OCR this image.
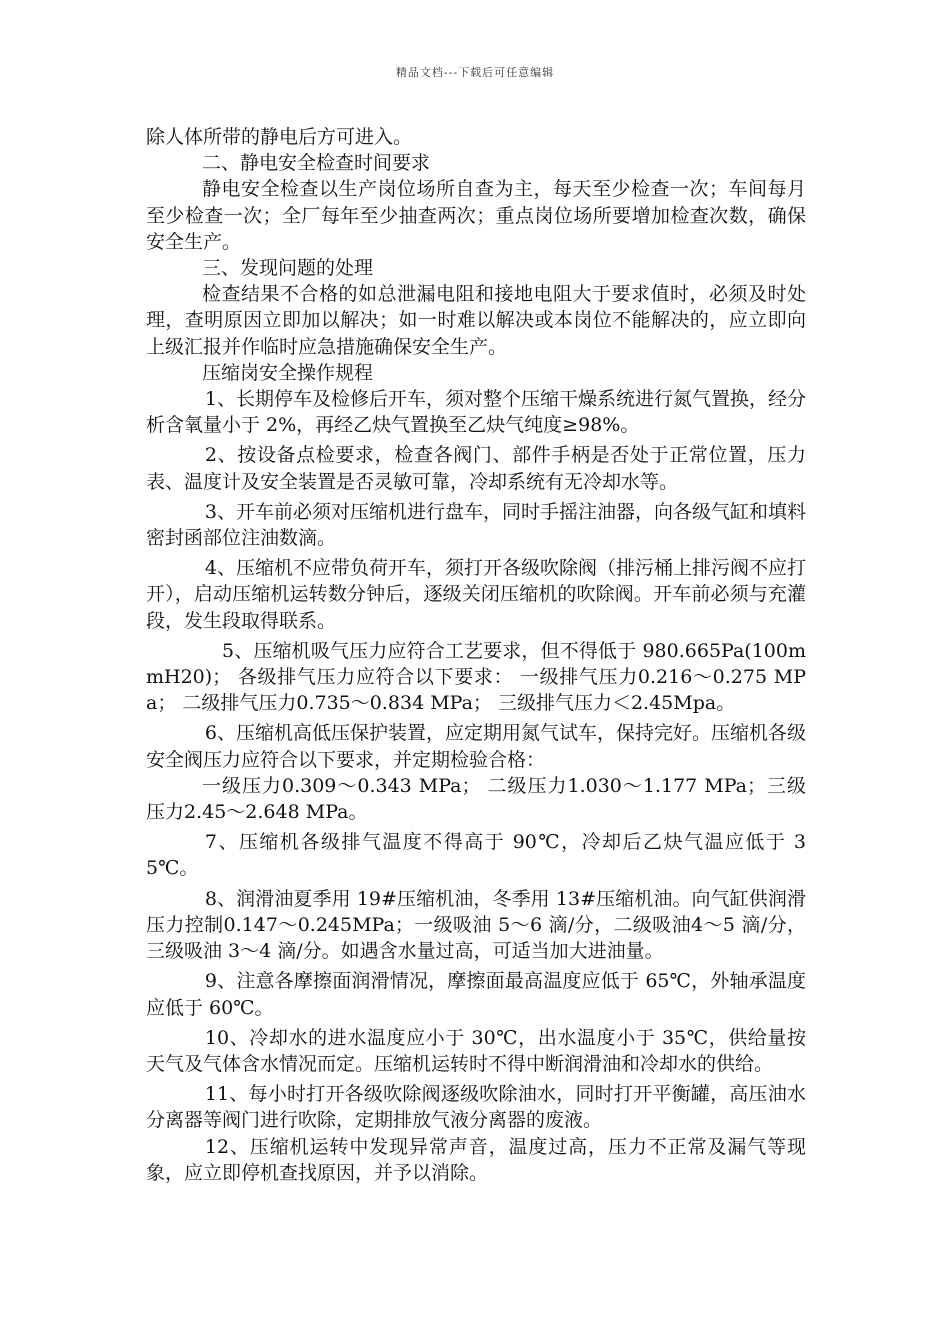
精品文档---下载后可任意编辑

除人体所带的静电后方可进入。

二、静电安全检查时间要求

静电安全检查以生产岗位场所自查为主，每天至少检查一次；车间每月至少检查一次；全厂每年至少抽查两次；重点岗位场所要增加检查次数，确保安全生产。

三、发现问题的处理

检查结果不合格的如总泄漏电阻和接地电阻大于要求值时，必须及时处理，查明原因立即加以解决；如一时难以解决或本岗位不能解决的，应立即向上级汇报并作临时应急措施确保安全生产。

压缩岗安全操作规程

1、长期停车及检修后开车，须对整个压缩干燥系统进行氮气置换，经分析含氧量小于 2%，再经乙炔气置换至乙炔气纯度≥98%。

2、按设备点检要求，检查各阀门、部件手柄是否处于正常位置，压力表、温度计及安全装置是否灵敏可靠，冷却系统有无冷却水等。

3、开车前必须对压缩机进行盘车，同时手摇注油器，向各级气缸和填料密封函部位注油数滴。

4、压缩机不应带负荷开车，须打开各级吹除阀（排污桶上排污阀不应打开），启动压缩机运转数分钟后，逐级关闭压缩机的吹除阀。开车前必须与充灌段，发生段取得联系。

5、压缩机吸气压力应符合工艺要求，但不得低于 980.665Pa(100mmH20)； 各级排气压力应符合以下要求： 一级排气压力0.216～0.275 MPa； 二级排气压力0.735～0.834 MPa； 三级排气压力＜2.45Mpa。

6、压缩机高低压保护装置，应定期用氮气试车，保持完好。压缩机各级安全阀压力应符合以下要求，并定期检验合格：

一级压力0.309～0.343 MPa； 二级压力1.030～1.177 MPa；三级压力2.45～2.648 MPa。

7、压缩机各级排气温度不得高于 90℃，冷却后乙炔气温应低于 35℃。

8、润滑油夏季用 19#压缩机油，冬季用 13#压缩机油。向气缸供润滑压力控制0.147～0.245MPa；一级吸油 5～6 滴/分，二级吸油4～5 滴/分，三级吸油 3～4 滴/分。如遇含水量过高，可适当加大进油量。

9、注意各摩擦面润滑情况，摩擦面最高温度应低于 65℃，外轴承温度应低于 60℃。

10、冷却水的进水温度应小于 30℃，出水温度小于 35℃，供给量按天气及气体含水情况而定。压缩机运转时不得中断润滑油和冷却水的供给。

11、每小时打开各级吹除阀逐级吹除油水，同时打开平衡罐，高压油水分离器等阀门进行吹除，定期排放气液分离器的废液。

12、压缩机运转中发现异常声音，温度过高，压力不正常及漏气等现象，应立即停机查找原因，并予以消除。
